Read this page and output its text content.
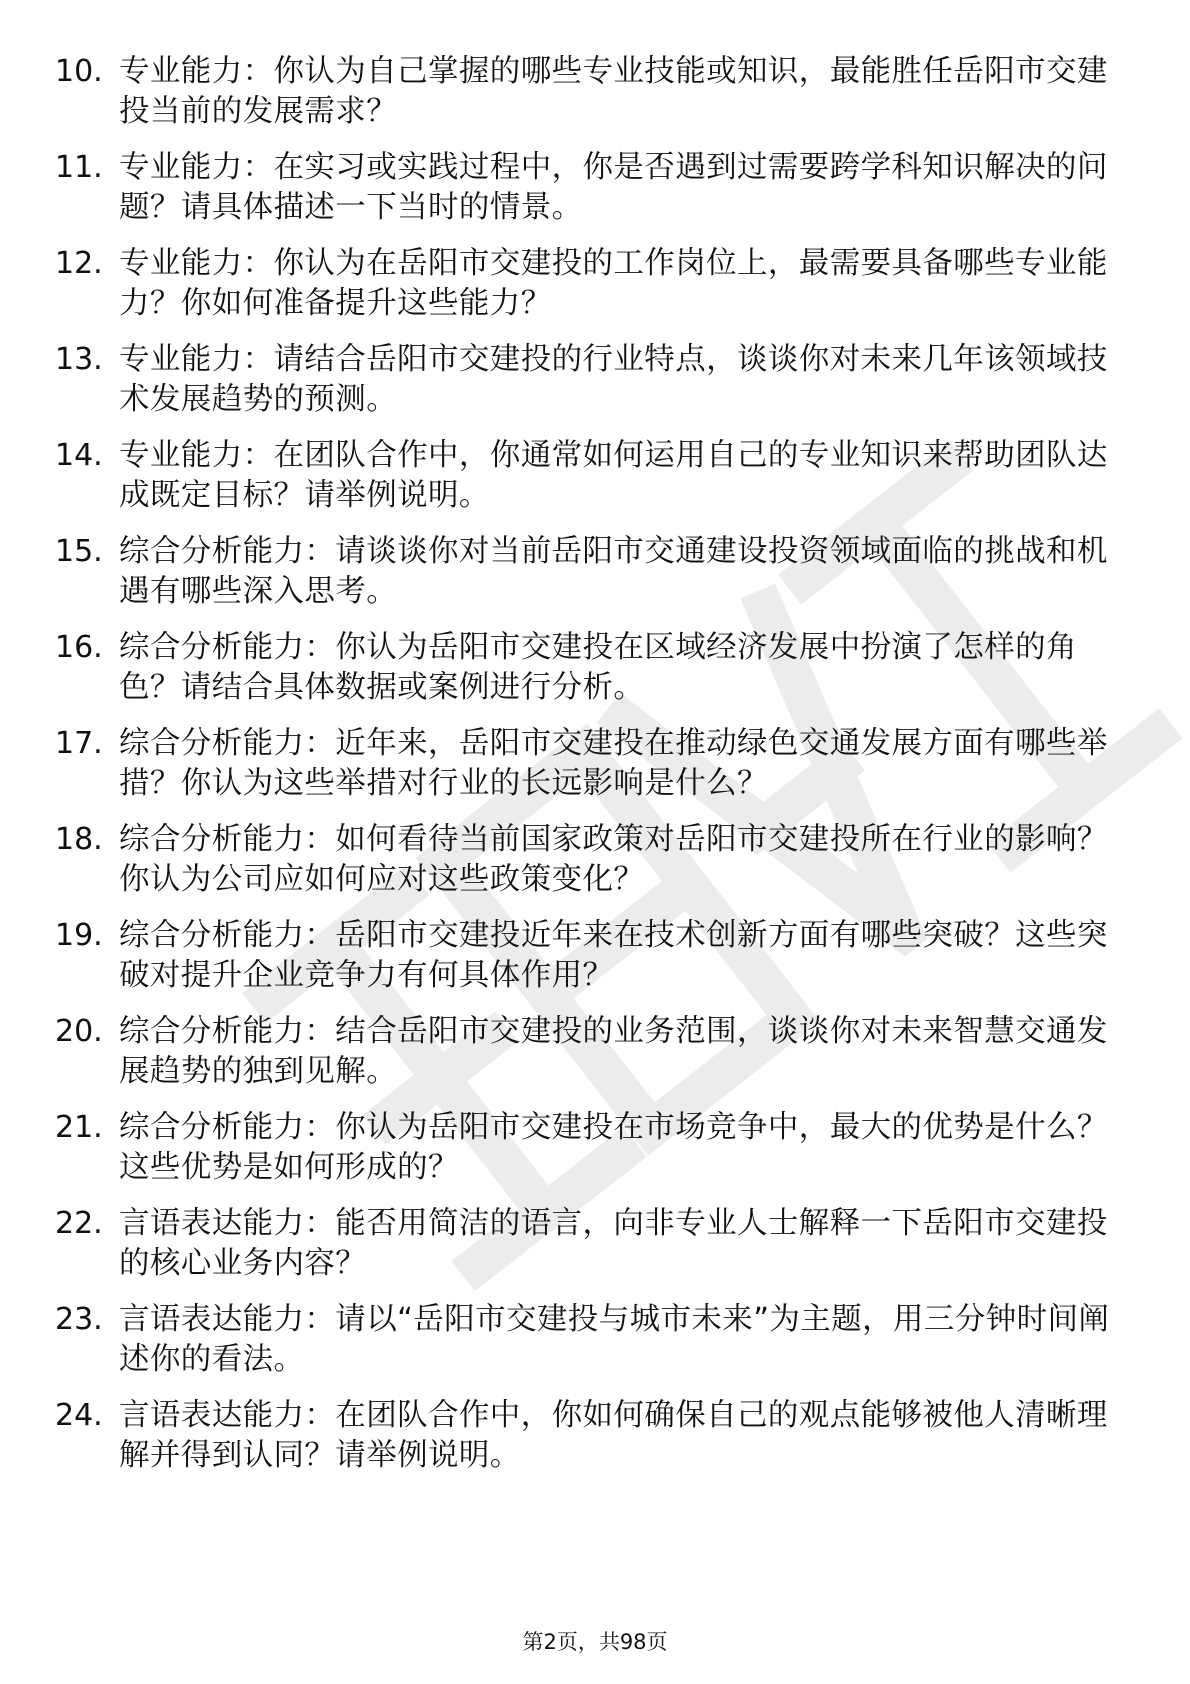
10. 专业能力：你认为自己掌握的哪些专业技能或知识，最能胜任岳阳市交建投当前的发展需求？
11. 专业能力：在实习或实践过程中，你是否遇到过需要跨学科知识解决的问题？请具体描述一下当时的情景。
12. 专业能力：你认为在岳阳市交建投的工作岗位上，最需要具备哪些专业能力？你如何准备提升这些能力？
13. 专业能力：请结合岳阳市交建投的行业特点，谈谈你对未来几年该领域技术发展趋势的预测。
14. 专业能力：在团队合作中，你通常如何运用自己的专业知识来帮助团队达成既定目标？请举例说明。
15. 综合分析能力：请谈谈你对当前岳阳市交通建设投资领域面临的挑战和机遇有哪些深入思考。
16. 综合分析能力：你认为岳阳市交建投在区域经济发展中扮演了怎样的角色？请结合具体数据或案例进行分析。
17. 综合分析能力：近年来，岳阳市交建投在推动绿色交通发展方面有哪些举措？你认为这些举措对行业的长远影响是什么？
18. 综合分析能力：如何看待当前国家政策对岳阳市交建投所在行业的影响？你认为公司应如何应对这些政策变化？
19. 综合分析能力：岳阳市交建投近年来在技术创新方面有哪些突破？这些突破对提升企业竞争力有何具体作用？
20. 综合分析能力：结合岳阳市交建投的业务范围，谈谈你对未来智慧交通发展趋势的独到见解。
21. 综合分析能力：你认为岳阳市交建投在市场竞争中，最大的优势是什么？这些优势是如何形成的？
22. 言语表达能力：能否用简洁的语言，向非专业人士解释一下岳阳市交建投的核心业务内容？
23. 言语表达能力：请以“岳阳市交建投与城市未来”为主题，用三分钟时间阐述你的看法。
24. 言语表达能力：在团队合作中，你如何确保自己的观点能够被他人清晰理解并得到认同？请举例说明。
第2页，共98页
